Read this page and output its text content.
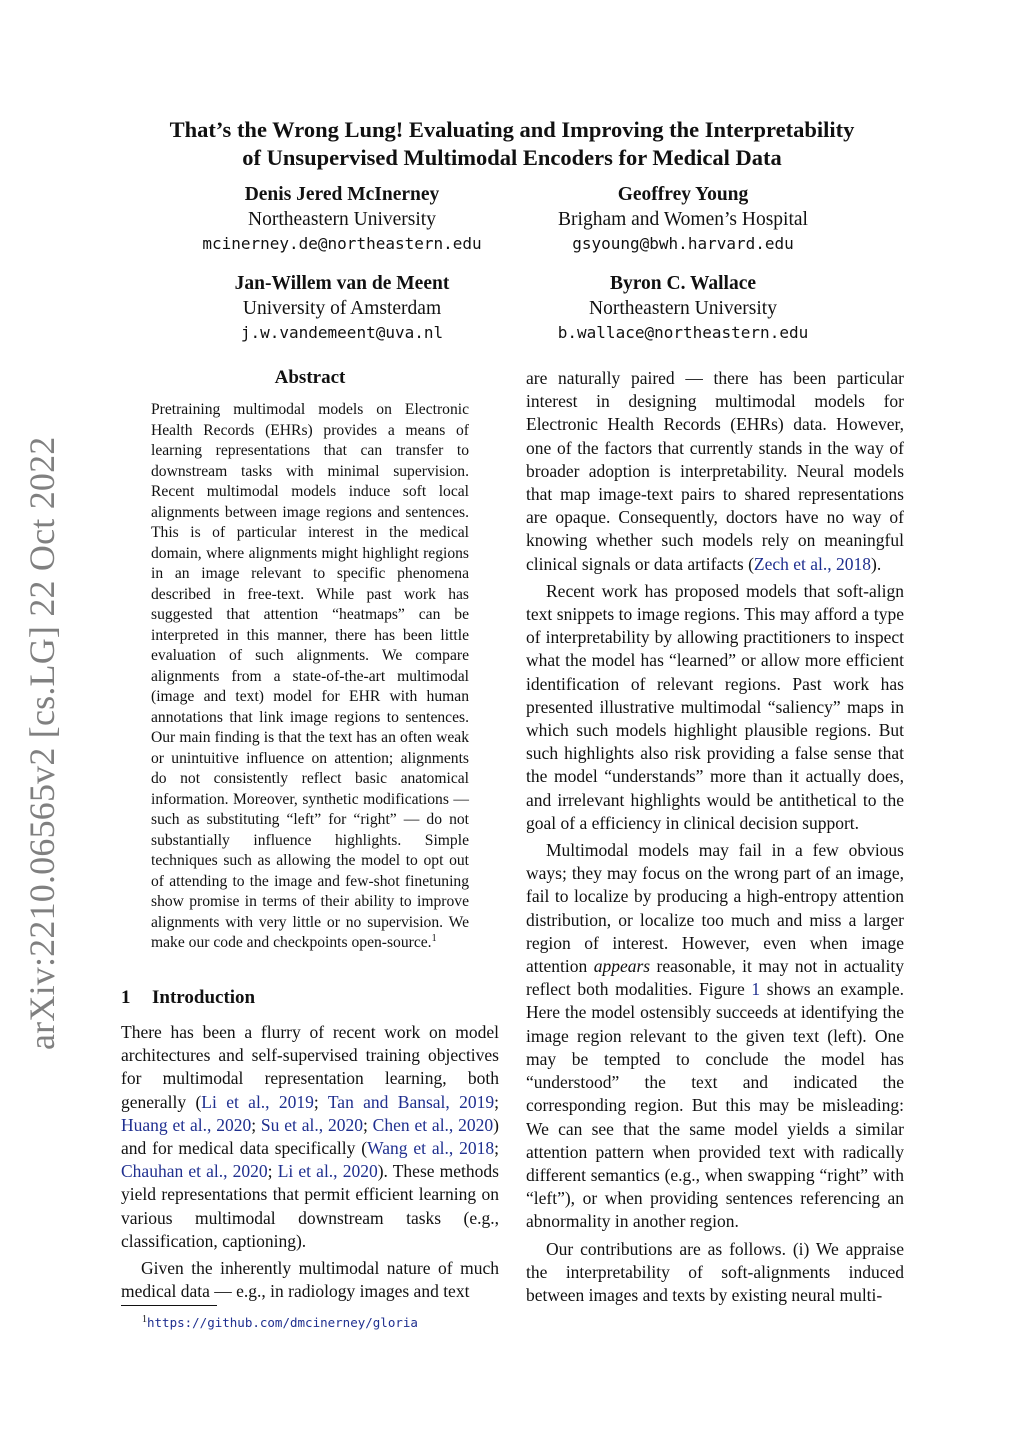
arXiv:2210.06565v2 [cs.LG] 22 Oct 2022
That’s the Wrong Lung! Evaluating and Improving the Interpretability
of Unsupervised Multimodal Encoders for Medical Data
Denis Jered McInerney
Northeastern University
mcinerney.de@northeastern.edu
Geoffrey Young
Brigham and Women’s Hospital
gsyoung@bwh.harvard.edu
Jan-Willem van de Meent
University of Amsterdam
j.w.vandemeent@uva.nl
Byron C. Wallace
Northeastern University
b.wallace@northeastern.edu
Abstract
Pretraining multimodal models on Electronic Health Records (EHRs) provides a means of learning representations that can transfer to downstream tasks with minimal supervision. Recent multimodal models induce soft local alignments between image regions and sentences. This is of particular interest in the medical domain, where alignments might highlight regions in an image relevant to specific phenomena described in free-text. While past work has suggested that attention “heatmaps” can be interpreted in this manner, there has been little evaluation of such alignments. We compare alignments from a state-of-the-art multimodal (image and text) model for EHR with human annotations that link image regions to sentences. Our main finding is that the text has an often weak or unintuitive influence on attention; alignments do not consistently reflect basic anatomical information. Moreover, synthetic modifications — such as substituting “left” for “right” — do not substantially influence highlights. Simple techniques such as allowing the model to opt out of attending to the image and few-shot finetuning show promise in terms of their ability to improve alignments with very little or no supervision. We make our code and checkpoints open-source.$^1$
1 Introduction

There has been a flurry of recent work on model architectures and self-supervised training objectives for multimodal representation learning, both generally (Li et al., 2019; Tan and Bansal, 2019; Huang et al., 2020; Su et al., 2020; Chen et al., 2020) and for medical data specifically (Wang et al., 2018; Chauhan et al., 2020; Li et al., 2020). These methods yield representations that permit efficient learning on various multimodal downstream tasks (e.g., classification, captioning).

Given the inherently multimodal nature of much medical data — e.g., in radiology images and text

are naturally paired — there has been particular interest in designing multimodal models for Electronic Health Records (EHRs) data. However, one of the factors that currently stands in the way of broader adoption is interpretability. Neural models that map image-text pairs to shared representations are opaque. Consequently, doctors have no way of knowing whether such models rely on meaningful clinical signals or data artifacts (Zech et al., 2018).

Recent work has proposed models that soft-align text snippets to image regions. This may afford a type of interpretability by allowing practitioners to inspect what the model has “learned” or allow more efficient identification of relevant regions. Past work has presented illustrative multimodal “saliency” maps in which such models highlight plausible regions. But such highlights also risk providing a false sense that the model “understands” more than it actually does, and irrelevant highlights would be antithetical to the goal of a efficiency in clinical decision support.

Multimodal models may fail in a few obvious ways; they may focus on the wrong part of an image, fail to localize by producing a high-entropy attention distribution, or localize too much and miss a larger region of interest. However, even when image attention appears reasonable, it may not in actuality reflect both modalities. Figure 1 shows an example. Here the model ostensibly succeeds at identifying the image region relevant to the given text (left). One may be tempted to conclude the model has “understood” the text and indicated the corresponding region. But this may be misleading: We can see that the same model yields a similar attention pattern when provided text with radically different semantics (e.g., when swapping “right” with “left”), or when providing sentences referencing an abnormality in another region.

Our contributions are as follows. (i) We appraise the interpretability of soft-alignments induced between images and texts by existing neural multi-

$^1$https://github.com/dmcinerney/gloria
